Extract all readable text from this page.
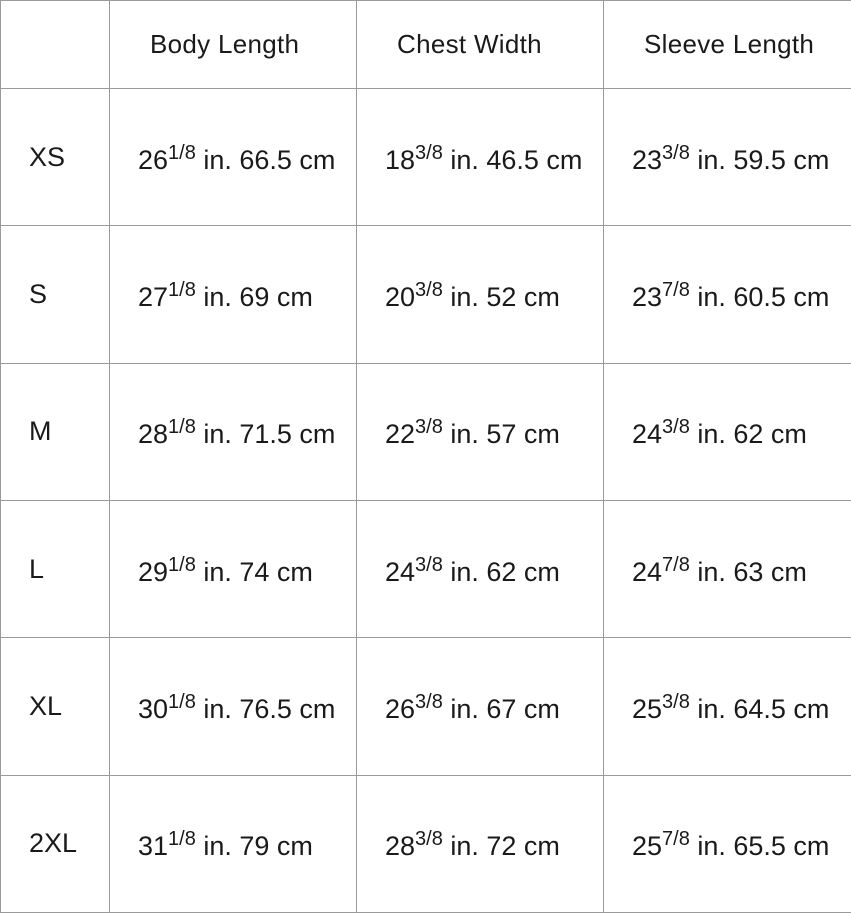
	Body Length	Chest Width	Sleeve Length
XS	$26^{1/8}$ in. 66.5 cm	$18^{3/8}$ in. 46.5 cm	$23^{3/8}$ in. 59.5 cm
S	$27^{1/8}$ in. 69 cm	$20^{3/8}$ in. 52 cm	$23^{7/8}$ in. 60.5 cm
M	$28^{1/8}$ in. 71.5 cm	$22^{3/8}$ in. 57 cm	$24^{3/8}$ in. 62 cm
L	$29^{1/8}$ in. 74 cm	$24^{3/8}$ in. 62 cm	$24^{7/8}$ in. 63 cm
XL	$30^{1/8}$ in. 76.5 cm	$26^{3/8}$ in. 67 cm	$25^{3/8}$ in. 64.5 cm
2XL	$31^{1/8}$ in. 79 cm	$28^{3/8}$ in. 72 cm	$25^{7/8}$ in. 65.5 cm
